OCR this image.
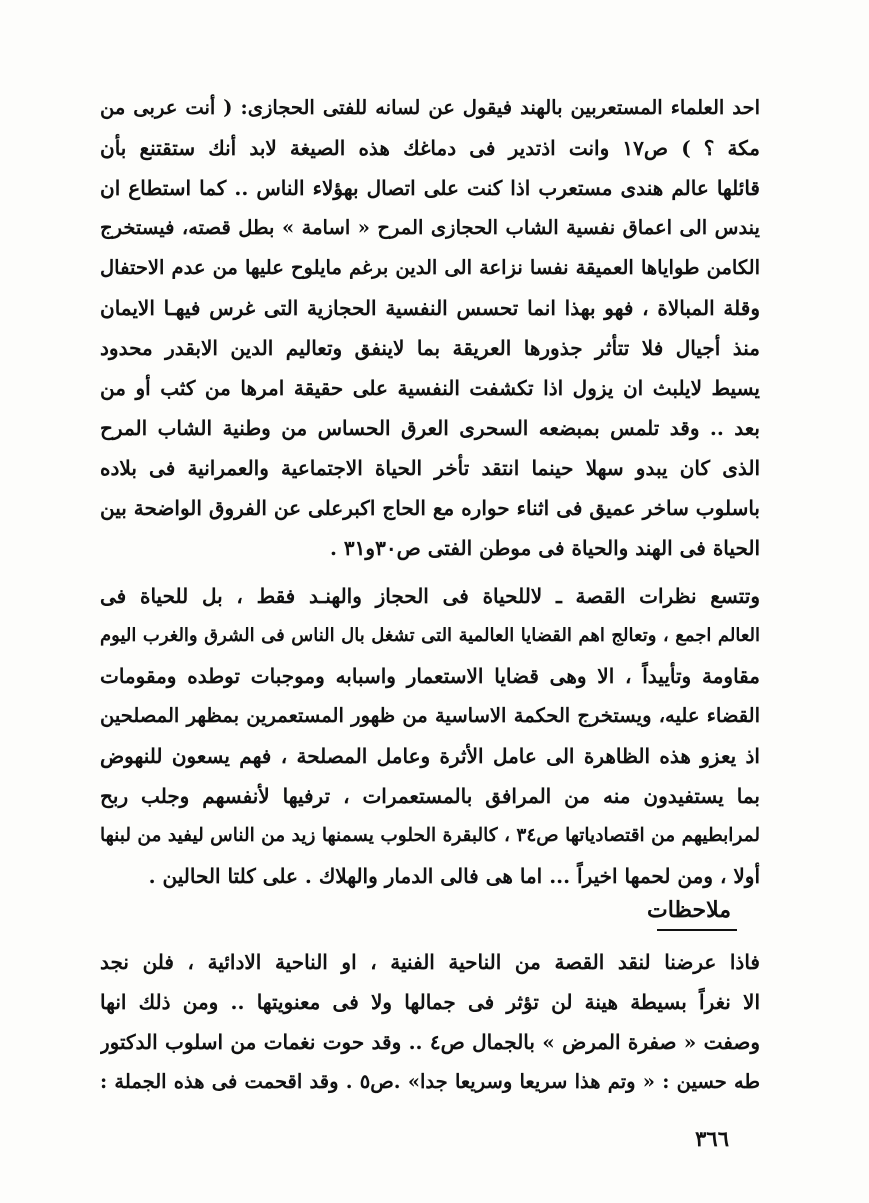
احد العلماء المستعربين بالهند فيقول عن لسانه للفتى الحجازى: ( أنت عربى من
مكة ؟ ) ص١٧ وانت اذتدير فى دماغك هذه الصيغة لابد أنك ستقتنع بأن
قائلها عالم هندى مستعرب اذا كنت على اتصال بهؤلاء الناس .. كما استطاع ان
يندس الى اعماق نفسية الشاب الحجازى المرح « اسامة » بطل قصته، فيستخرج
الكامن طواياها العميقة نفسا نزاعة الى الدين برغم مايلوح عليها من عدم الاحتفال
وقلة المبالاة ، فهو بهذا انما تحسس النفسية الحجازية التى غرس فيهـا الايمان
منذ أجيال فلا تتأثر جذورها العريقة بما لاينفق وتعاليم الدين الابقدر محدود
يسيط لايلبث ان يزول اذا تكشفت النفسية على حقيقة امرها من كثب أو من
بعد .. وقد تلمس بمبضعه السحرى العرق الحساس من وطنية الشاب المرح
الذى كان يبدو سهلا حينما انتقد تأخر الحياة الاجتماعية والعمرانية فى بلاده
باسلوب ساخر عميق فى اثناء حواره مع الحاج اكبرعلى عن الفروق الواضحة بين
الحياة فى الهند والحياة فى موطن الفتى ص٣٠و٣١ .
وتتسع نظرات القصة ـ لاللحياة فى الحجاز والهنـد فقط ، بل للحياة فى
العالم اجمع ، وتعالج اهم القضايا العالمية التى تشغل بال الناس فى الشرق والغرب اليوم
مقاومة وتأييداً ، الا وهى قضايا الاستعمار واسبابه وموجبات توطده ومقومات
القضاء عليه، ويستخرج الحكمة الاساسية من ظهور المستعمرين بمظهر المصلحين
اذ يعزو هذه الظاهرة الى عامل الأثرة وعامل المصلحة ، فهم يسعون للنهوض
بما يستفيدون منه من المرافق بالمستعمرات ، ترفيها لأنفسهم وجلب ربح
لمرابطيهم من اقتصادياتها ص٣٤ ، كالبقرة الحلوب يسمنها زيد من الناس ليفيد من لبنها
أولا ، ومن لحمها اخيراً ... اما هى فالى الدمار والهلاك . على كلتا الحالين .
ملاحظات
فاذا عرضنا لنقد القصة من الناحية الفنية ، او الناحية الادائية ، فلن نجد
الا نغراً بسيطة هينة لن تؤثر فى جمالها ولا فى معنويتها .. ومن ذلك انها
وصفت « صفرة المرض » بالجمال ص٤ .. وقد حوت نغمات من اسلوب الدكتور
طه حسين : « وتم هذا سريعا وسريعا جدا» .ص٥ . وقد اقحمت فى هذه الجملة :
٣٦٦
